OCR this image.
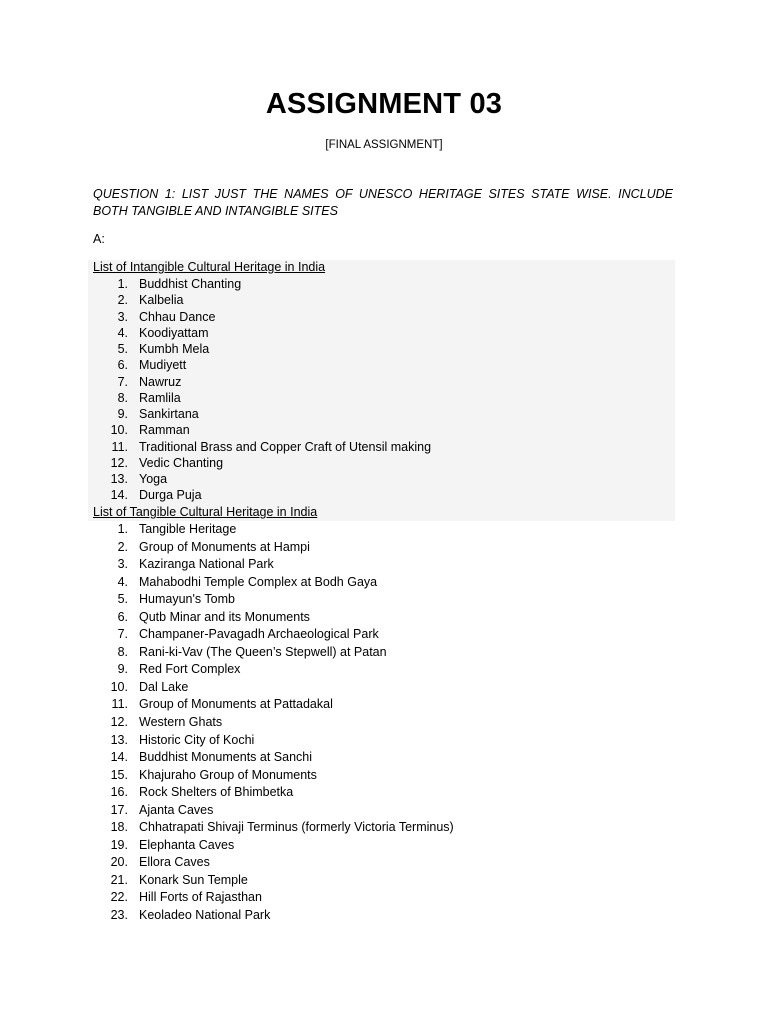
ASSIGNMENT 03
[FINAL ASSIGNMENT]
QUESTION 1: LIST JUST THE NAMES OF UNESCO HERITAGE SITES STATE WISE. INCLUDE BOTH TANGIBLE AND INTANGIBLE SITES
A:
List of Intangible Cultural Heritage in India
1. Buddhist Chanting
2. Kalbelia
3. Chhau Dance
4. Koodiyattam
5. Kumbh Mela
6. Mudiyett
7. Nawruz
8. Ramlila
9. Sankirtana
10. Ramman
11. Traditional Brass and Copper Craft of Utensil making
12. Vedic Chanting
13. Yoga
14. Durga Puja
List of Tangible Cultural Heritage in India
1. Tangible Heritage
2. Group of Monuments at Hampi
3. Kaziranga National Park
4. Mahabodhi Temple Complex at Bodh Gaya
5. Humayun's Tomb
6. Qutb Minar and its Monuments
7. Champaner-Pavagadh Archaeological Park
8. Rani-ki-Vav (The Queen’s Stepwell) at Patan
9. Red Fort Complex
10. Dal Lake
11. Group of Monuments at Pattadakal
12. Western Ghats
13. Historic City of Kochi
14. Buddhist Monuments at Sanchi
15. Khajuraho Group of Monuments
16. Rock Shelters of Bhimbetka
17. Ajanta Caves
18. Chhatrapati Shivaji Terminus (formerly Victoria Terminus)
19. Elephanta Caves
20. Ellora Caves
21. Konark Sun Temple
22. Hill Forts of Rajasthan
23. Keoladeo National Park
